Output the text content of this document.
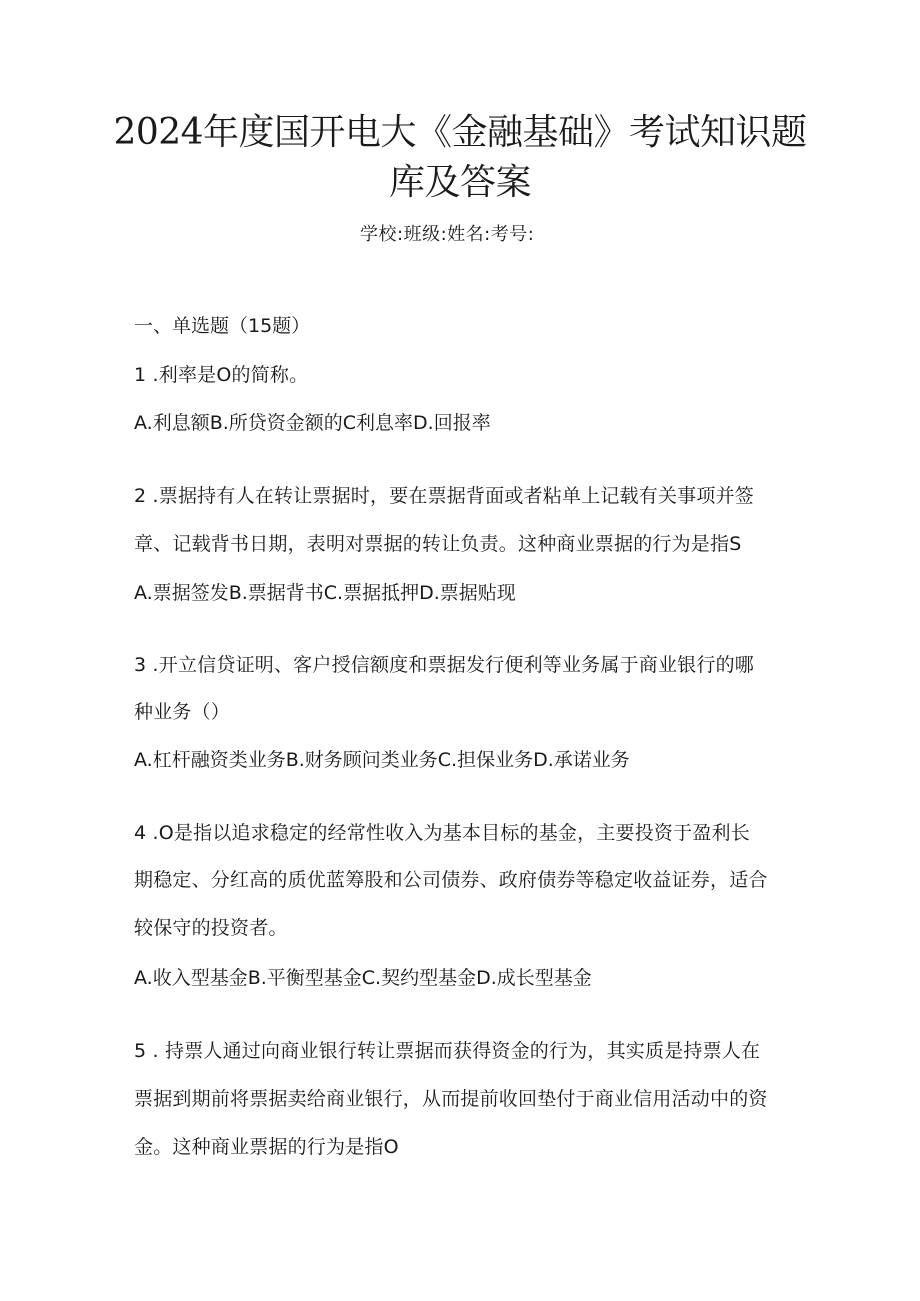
2024年度国开电大《金融基础》考试知识题
库及答案
学校:班级:姓名:考号:
一、单选题（15题）
1 .利率是O的简称。
A.利息额B.所贷资金额的C利息率D.回报率
2 .票据持有人在转让票据时，要在票据背面或者粘单上记载有关事项并签
章、记载背书日期，表明对票据的转让负责。这种商业票据的行为是指S
A.票据签发B.票据背书C.票据抵押D.票据贴现
3 .开立信贷证明、客户授信额度和票据发行便利等业务属于商业银行的哪
种业务（）
A.杠杆融资类业务B.财务顾问类业务C.担保业务D.承诺业务
4 .O是指以追求稳定的经常性收入为基本目标的基金，主要投资于盈利长
期稳定、分红高的质优蓝筹股和公司债券、政府债券等稳定收益证券，适合
较保守的投资者。
A.收入型基金B.平衡型基金C.契约型基金D.成长型基金
5 . 持票人通过向商业银行转让票据而获得资金的行为，其实质是持票人在
票据到期前将票据卖给商业银行，从而提前收回垫付于商业信用活动中的资
金。这种商业票据的行为是指O
